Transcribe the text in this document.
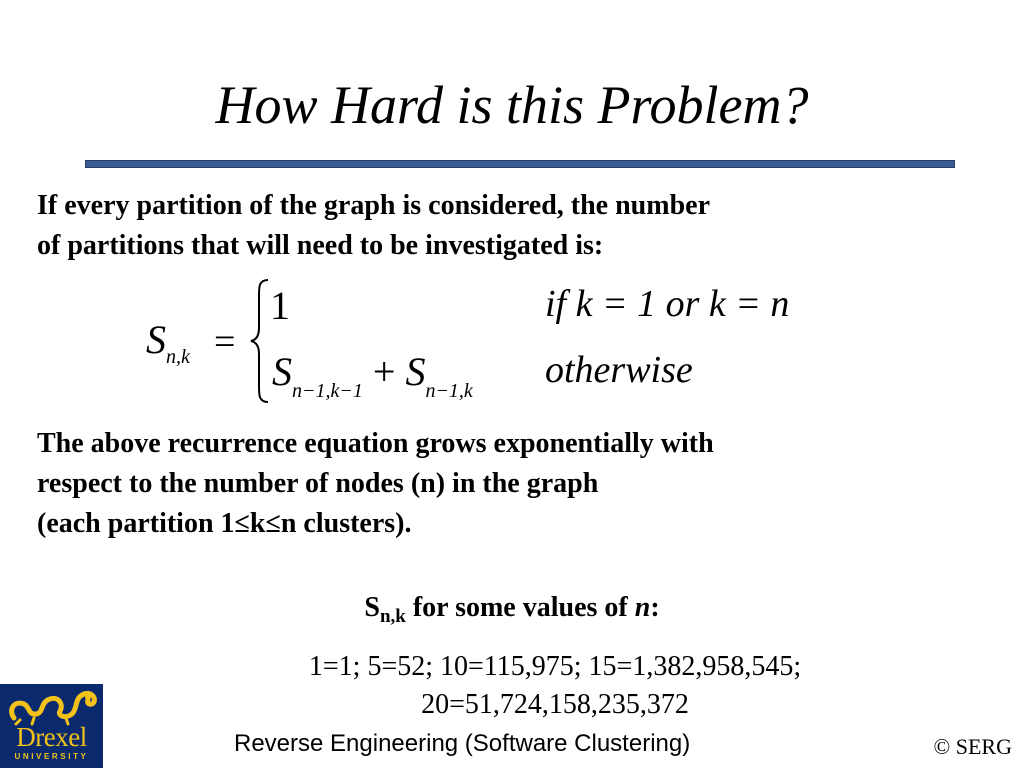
How Hard is this Problem?
If every partition of the graph is considered, the number
of partitions that will need to be investigated is:
$S_{n,k}$ =
1	if k = 1 or k = n
$S_{n-1,k-1} + S_{n-1,k}$ otherwise
The above recurrence equation grows exponentially with
respect to the number of nodes (n) in the graph
(each partition 1≤k≤n clusters).
$S_{n,k}$ for some values of n:
1=1; 5=52; 10=115,975; 15=1,382,958,545;
20=51,724,158,235,372
Drexel
UNIVERSITY	Reverse Engineering (Software Clustering)	© SERG
